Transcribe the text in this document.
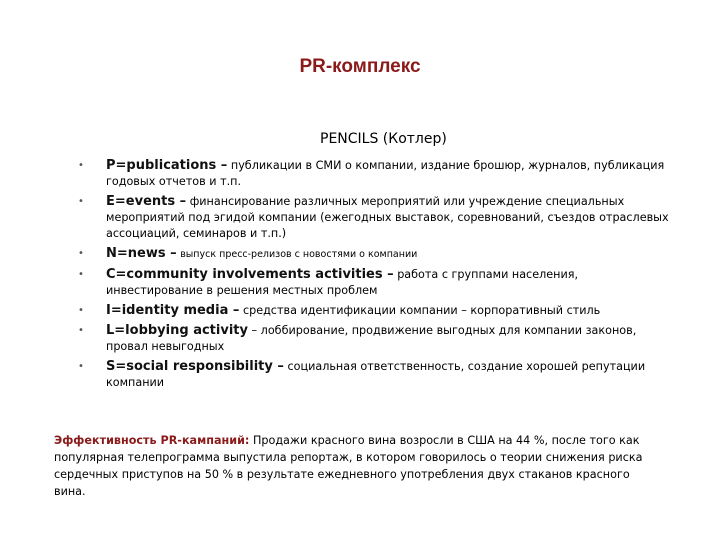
PR-комплекс
PENCILS (Котлер)
• P=publications – публикации в СМИ о компании, издание брошюр, журналов, публикация годовых отчетов и т.п.
• E=events – финансирование различных мероприятий или учреждение специальных мероприятий под эгидой компании (ежегодных выставок, соревнований, съездов отраслевых ассоциаций, семинаров и т.п.)
• N=news – выпуск пресс-релизов с новостями о компании
• C=community involvements activities – работа с группами населения, инвестирование в решения местных проблем
• I=identity media – средства идентификации компании – корпоративный стиль
• L=lobbying activity – лоббирование, продвижение выгодных для компании законов, провал невыгодных
• S=social responsibility – социальная ответственность, создание хорошей репутации компании
Эффективность PR-кампаний: Продажи красного вина возросли в США на 44 %, после того как популярная телепрограмма выпустила репортаж, в котором говорилось о теории снижения риска сердечных приступов на 50 % в результате ежедневного употребления двух стаканов красного вина.
